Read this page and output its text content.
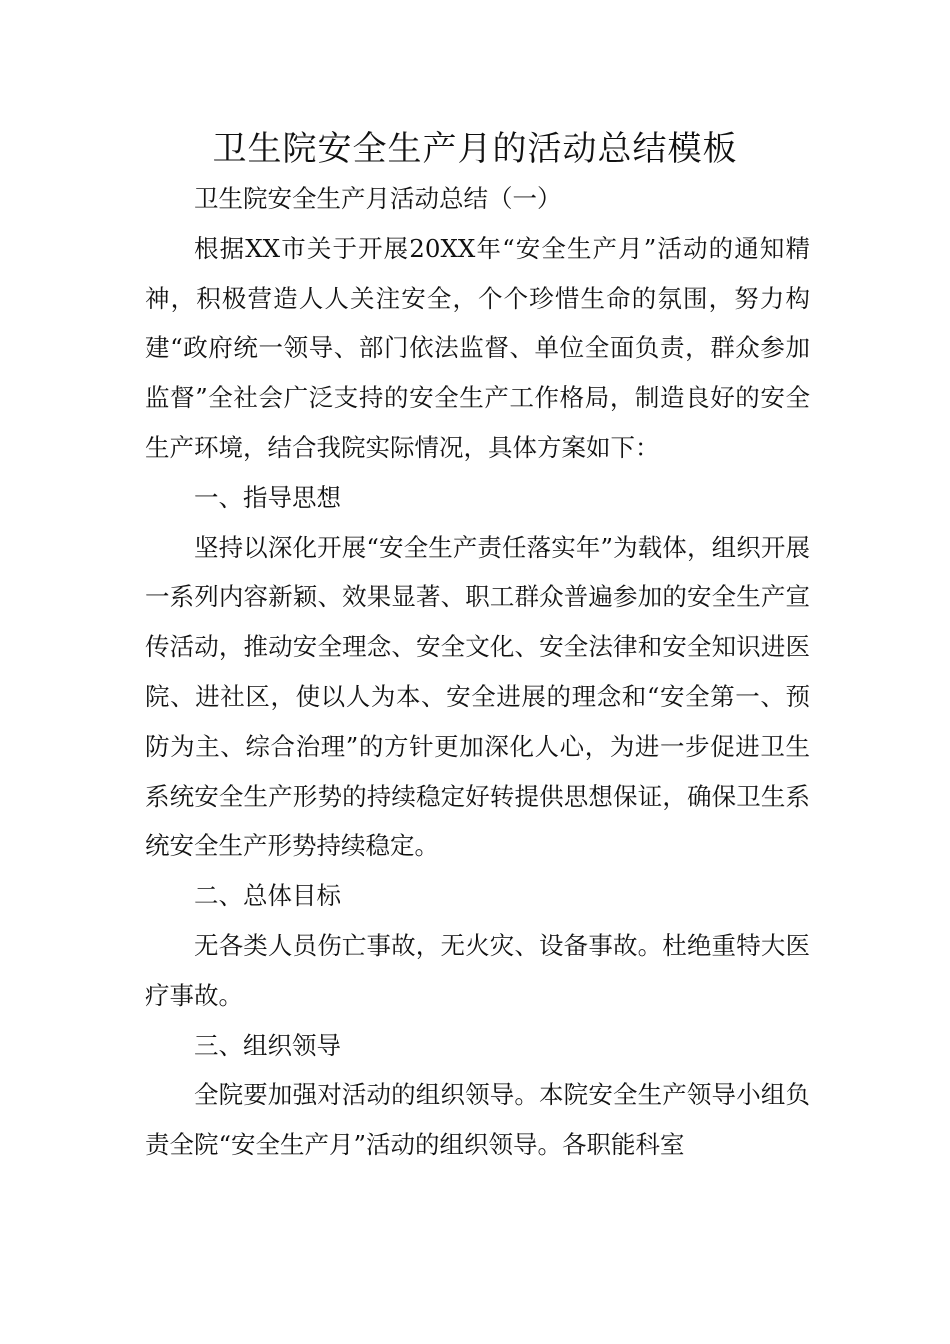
卫生院安全生产月的活动总结模板

卫生院安全生产月活动总结（一）

根据XX市关于开展20XX年“安全生产月”活动的通知精神，积极营造人人关注安全，个个珍惜生命的氛围，努力构建“政府统一领导、部门依法监督、单位全面负责，群众参加监督”全社会广泛支持的安全生产工作格局，制造良好的安全生产环境，结合我院实际情况，具体方案如下：

一、指导思想

坚持以深化开展“安全生产责任落实年”为载体，组织开展一系列内容新颖、效果显著、职工群众普遍参加的安全生产宣传活动，推动安全理念、安全文化、安全法律和安全知识进医院、进社区，使以人为本、安全进展的理念和“安全第一、预防为主、综合治理”的方针更加深化人心，为进一步促进卫生系统安全生产形势的持续稳定好转提供思想保证，确保卫生系统安全生产形势持续稳定。

二、总体目标

无各类人员伤亡事故，无火灾、设备事故。杜绝重特大医疗事故。

三、组织领导

全院要加强对活动的组织领导。本院安全生产领导小组负责全院“安全生产月”活动的组织领导。各职能科室
